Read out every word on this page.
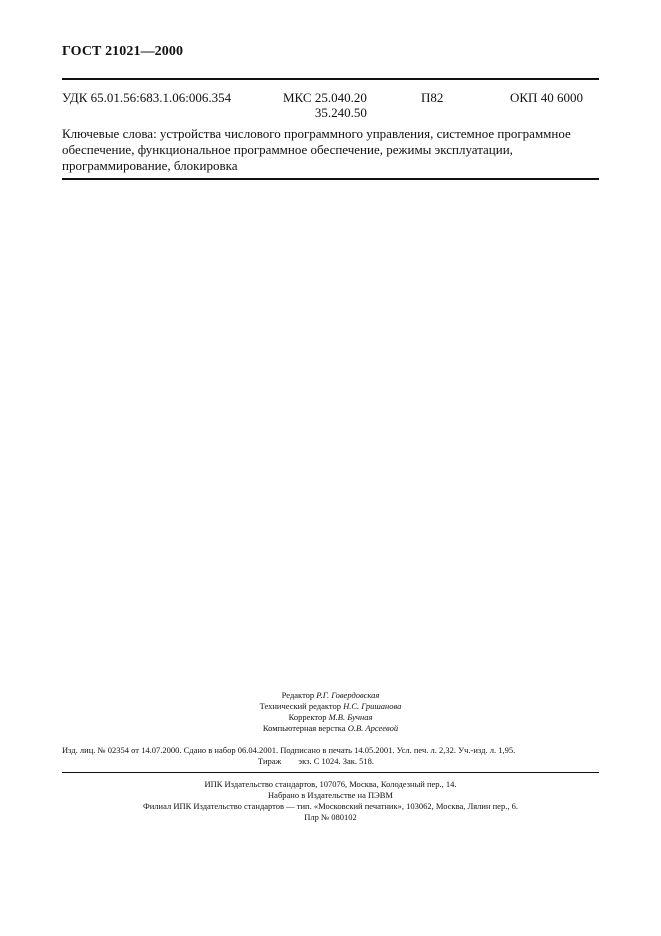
ГОСТ 21021—2000
УДК 65.01.56:683.1.06:006.354	МКС 25.040.20
35.240.50
П82	ОКП 40 6000
Ключевые слова: устройства числового программного управления, системное программное обеспечение, функциональное программное обеспечение, режимы эксплуатации, программирование, блокировка
Редактор Р.Г. Говердовская
Технический редактор Н.С. Гришанова
Корректор М.В. Бучная
Компьютерная верстка О.В. Арсеевой
Изд. лиц. № 02354 от 14.07.2000. Сдано в набор 06.04.2001. Подписано в печать 14.05.2001. Усл. печ. л. 2,32. Уч.-изд. л. 1,95.
Тираж        экз. С 1024. Зак. 518.
ИПК Издательство стандартов, 107076, Москва, Колодезный пер., 14.
Набрано в Издательстве на ПЭВМ
Филиал ИПК Издательство стандартов — тип. «Московский печатник», 103062, Москва, Лялин пер., 6.
Плр № 080102
